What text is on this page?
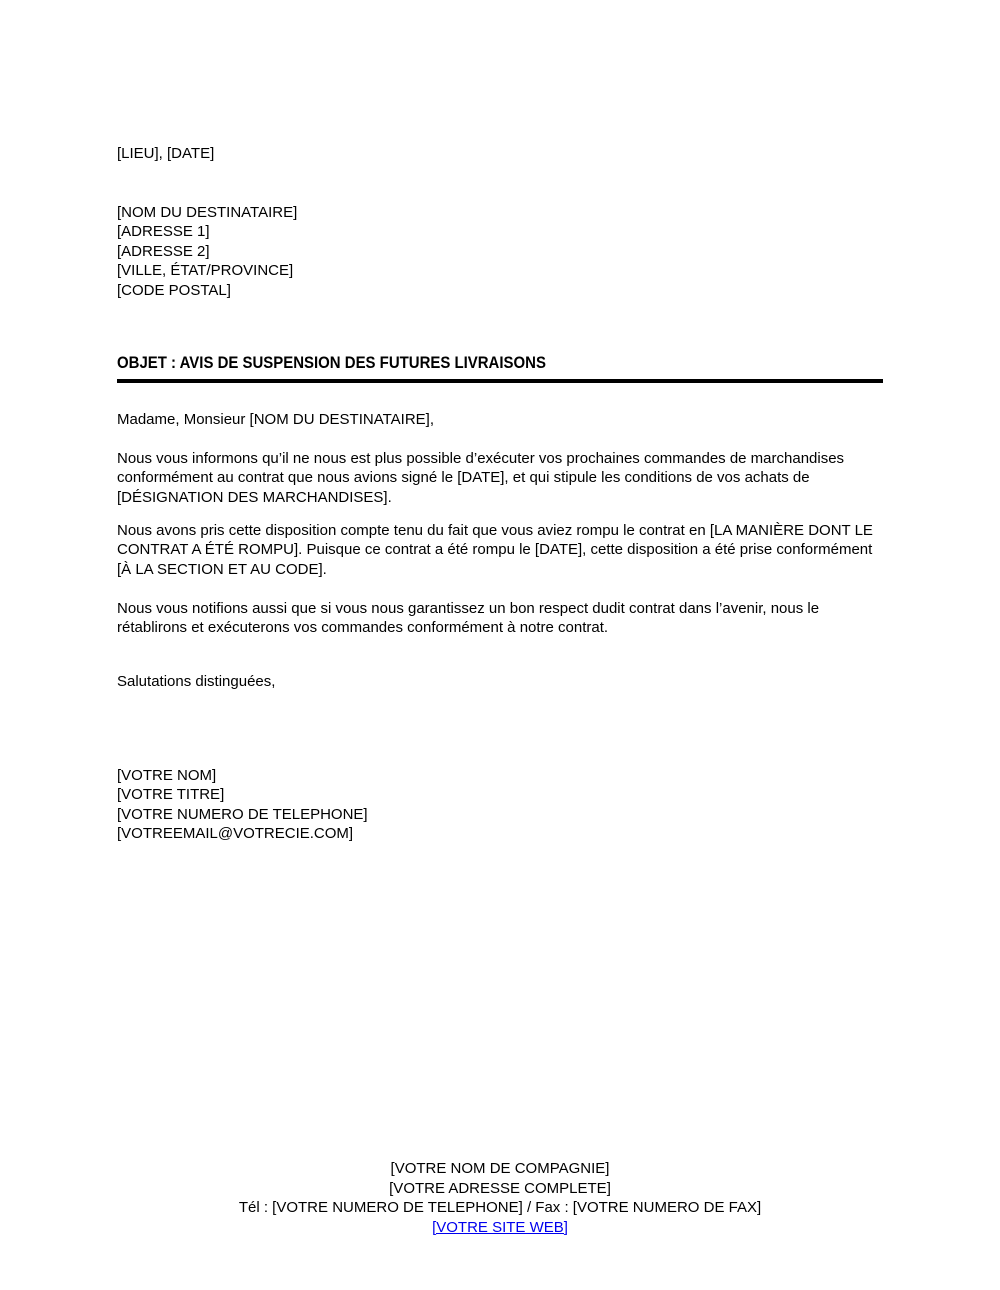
[LIEU], [DATE]
[NOM DU DESTINATAIRE]
[ADRESSE 1]
[ADRESSE 2]
[VILLE, ÉTAT/PROVINCE]
[CODE POSTAL]
OBJET : AVIS DE SUSPENSION DES FUTURES LIVRAISONS
Madame, Monsieur [NOM DU DESTINATAIRE],
Nous vous informons qu’il ne nous est plus possible d’exécuter vos prochaines commandes de marchandises conformément au contrat que nous avions signé le [DATE], et qui stipule les conditions de vos achats de [DÉSIGNATION DES MARCHANDISES].
Nous avons pris cette disposition compte tenu du fait que vous aviez rompu le contrat en [LA MANIÈRE DONT LE CONTRAT A ÉTÉ ROMPU]. Puisque ce contrat a été rompu le [DATE], cette disposition a été prise conformément [À LA SECTION ET AU CODE].
Nous vous notifions aussi que si vous nous garantissez un bon respect dudit contrat dans l’avenir, nous le rétablirons et exécuterons vos commandes conformément à notre contrat.
Salutations distinguées,
[VOTRE NOM]
[VOTRE TITRE]
[VOTRE NUMERO DE TELEPHONE]
[VOTREEMAIL@VOTRECIE.COM]
[VOTRE NOM DE COMPAGNIE]
[VOTRE ADRESSE COMPLETE]
Tél : [VOTRE NUMERO DE TELEPHONE] / Fax : [VOTRE NUMERO DE FAX]
[VOTRE SITE WEB]
